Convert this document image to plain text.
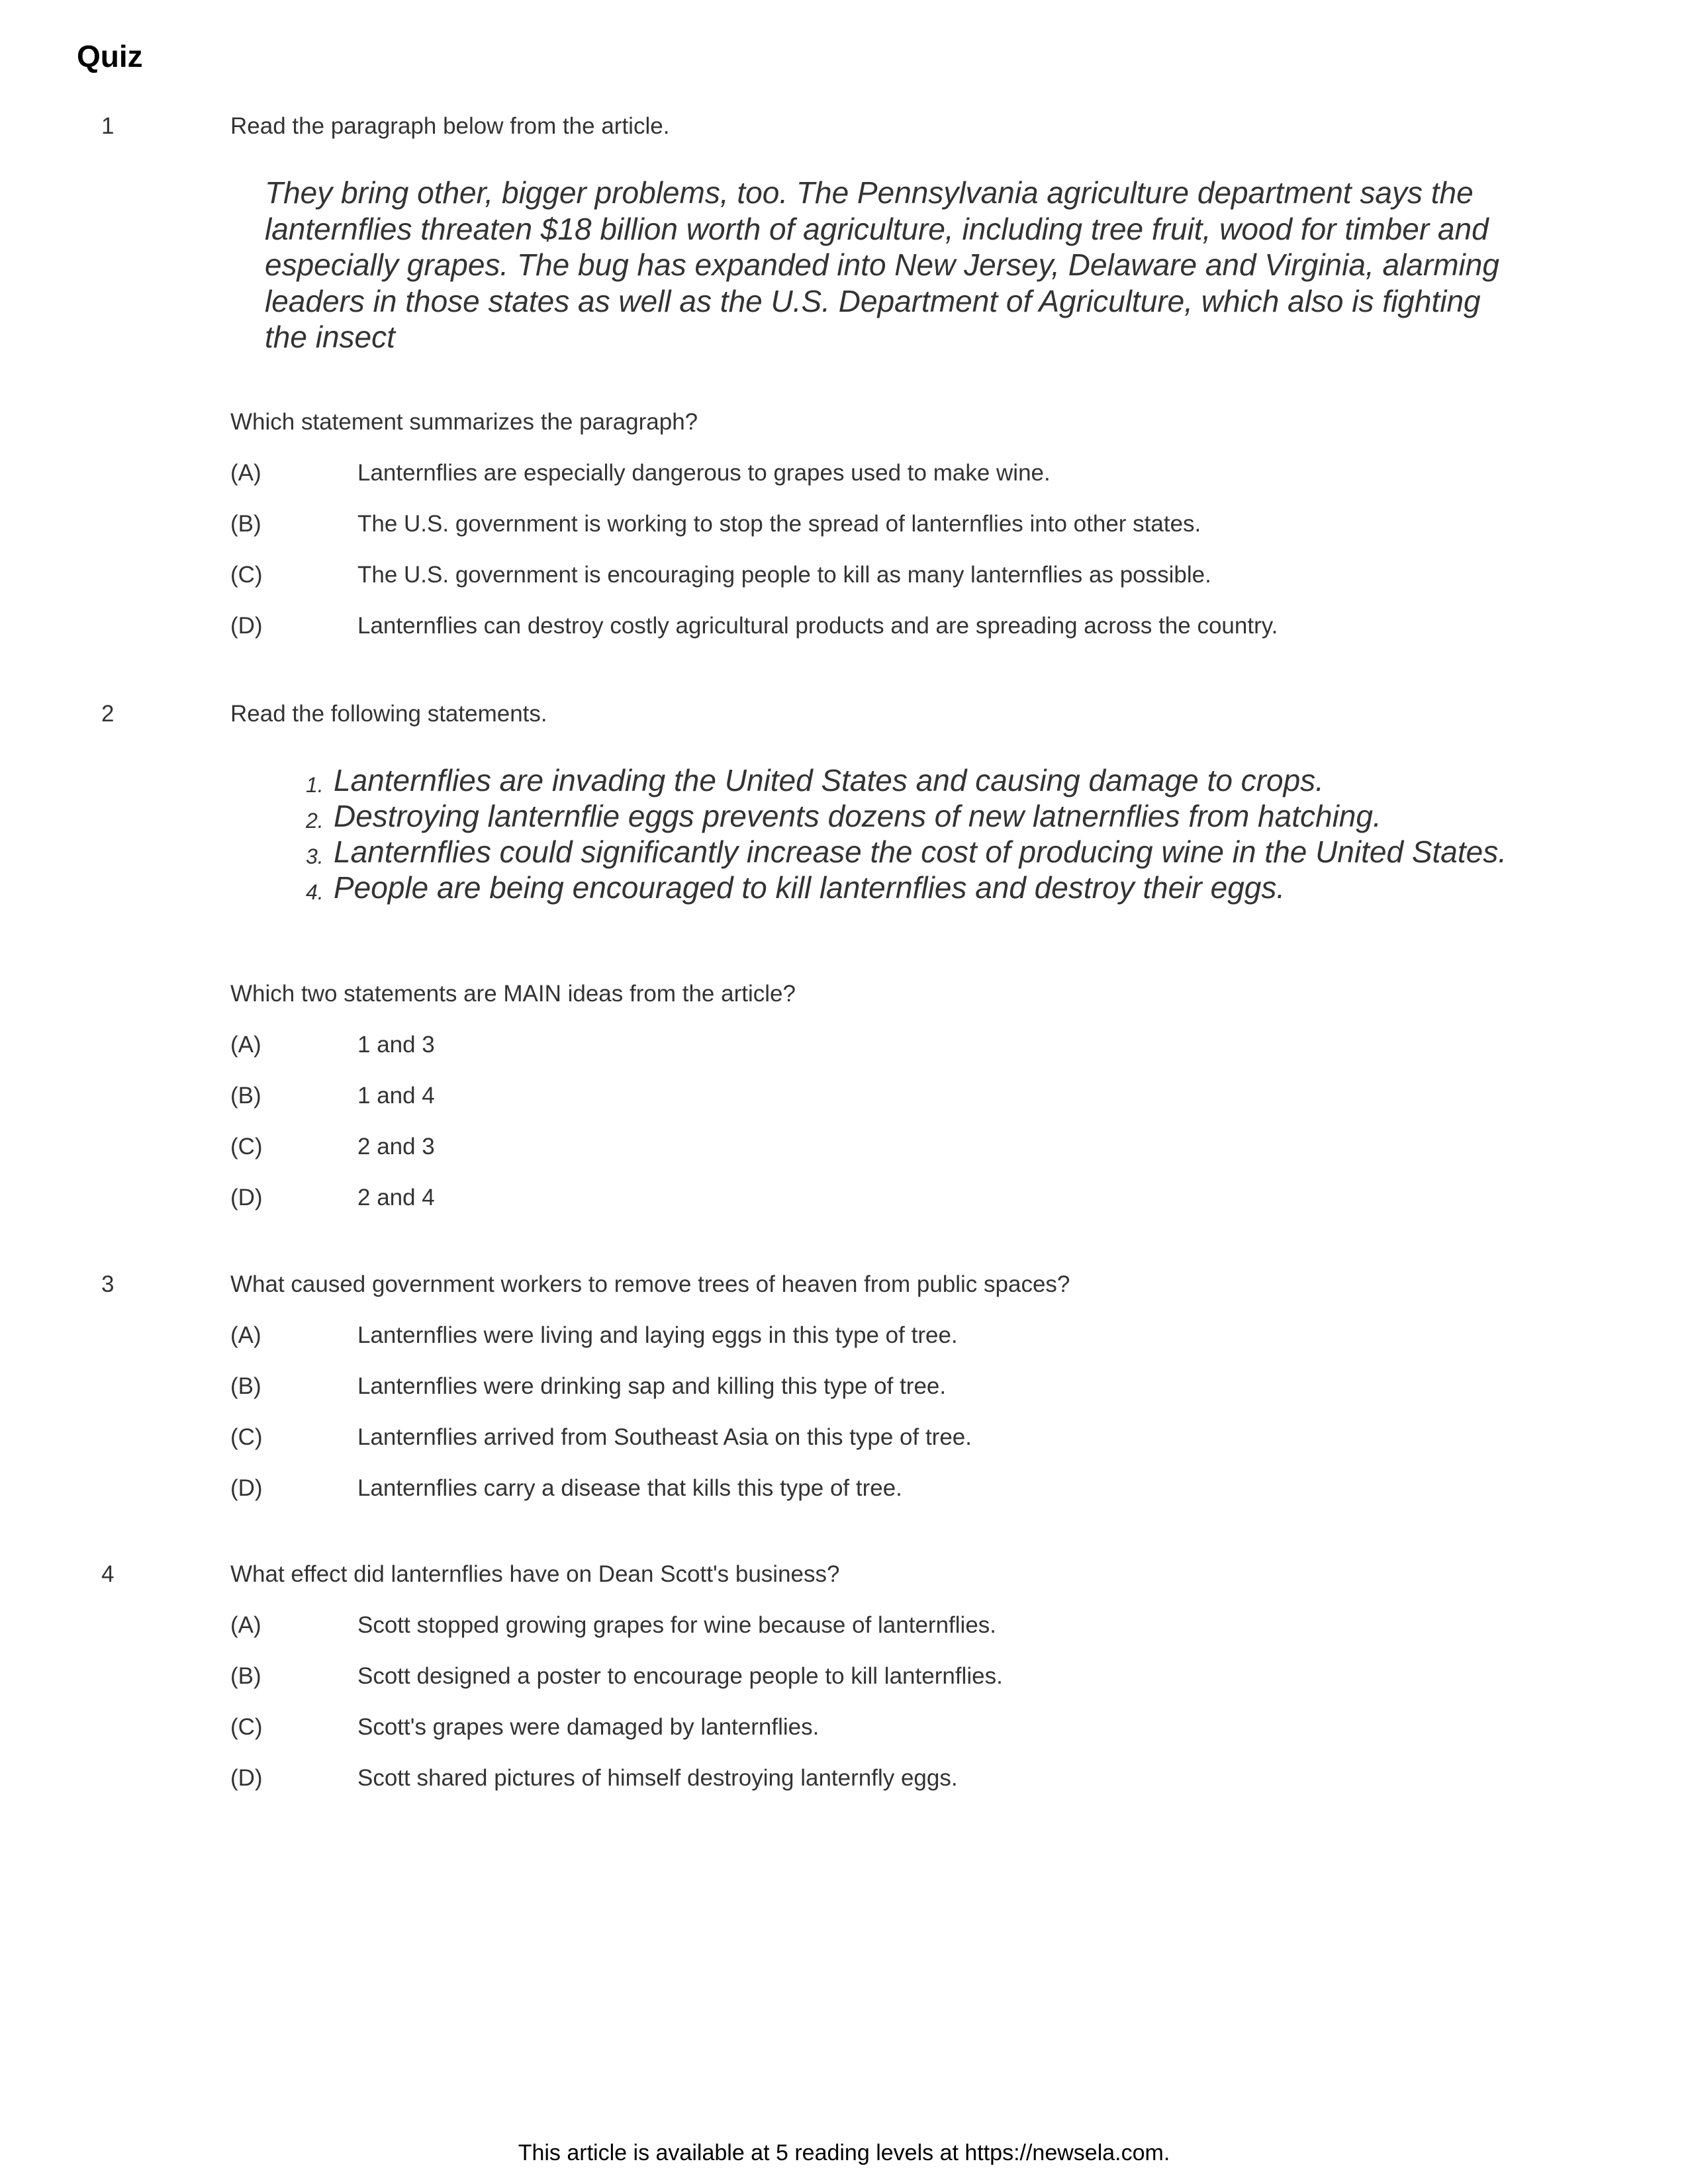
Quiz
1	Read the paragraph below from the article.
They bring other, bigger problems, too. The Pennsylvania agriculture department says the lanternflies threaten $18 billion worth of agriculture, including tree fruit, wood for timber and especially grapes. The bug has expanded into New Jersey, Delaware and Virginia, alarming leaders in those states as well as the U.S. Department of Agriculture, which also is fighting the insect
Which statement summarizes the paragraph?
(A)	Lanternflies are especially dangerous to grapes used to make wine.
(B)	The U.S. government is working to stop the spread of lanternflies into other states.
(C)	The U.S. government is encouraging people to kill as many lanternflies as possible.
(D)	Lanternflies can destroy costly agricultural products and are spreading across the country.
2	Read the following statements.
1. Lanternflies are invading the United States and causing damage to crops.
2. Destroying lanternflie eggs prevents dozens of new latnernflies from hatching.
3. Lanternflies could significantly increase the cost of producing wine in the United States.
4. People are being encouraged to kill lanternflies and destroy their eggs.
Which two statements are MAIN ideas from the article?
(A)	1 and 3
(B)	1 and 4
(C)	2 and 3
(D)	2 and 4
3	What caused government workers to remove trees of heaven from public spaces?
(A)	Lanternflies were living and laying eggs in this type of tree.
(B)	Lanternflies were drinking sap and killing this type of tree.
(C)	Lanternflies arrived from Southeast Asia on this type of tree.
(D)	Lanternflies carry a disease that kills this type of tree.
4	What effect did lanternflies have on Dean Scott's business?
(A)	Scott stopped growing grapes for wine because of lanternflies.
(B)	Scott designed a poster to encourage people to kill lanternflies.
(C)	Scott's grapes were damaged by lanternflies.
(D)	Scott shared pictures of himself destroying lanternfly eggs.
This article is available at 5 reading levels at https://newsela.com.
